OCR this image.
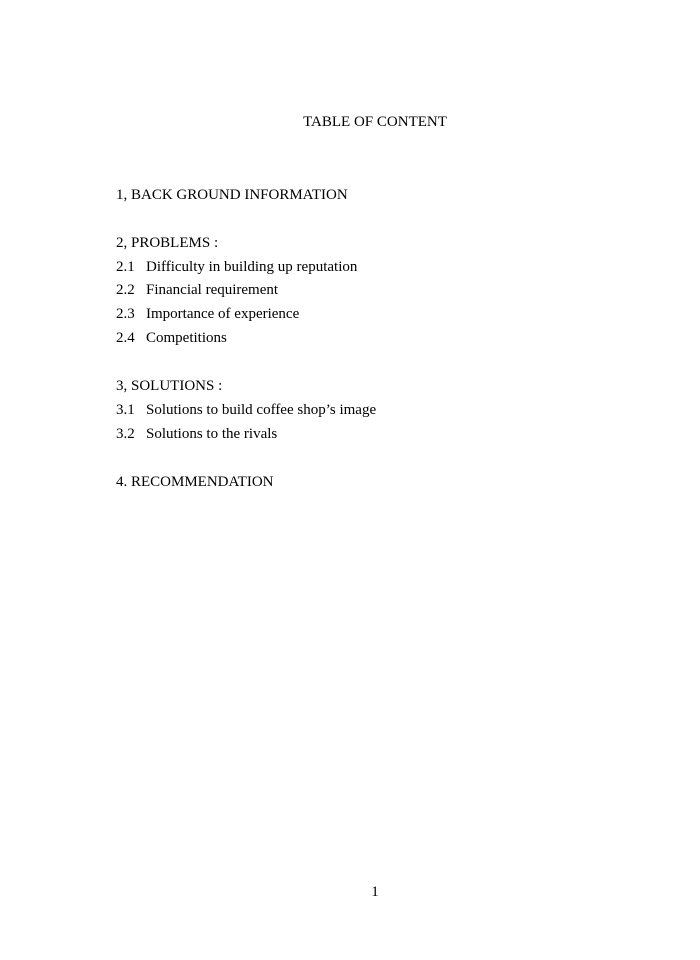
TABLE OF CONTENT
1, BACK GROUND INFORMATION
2, PROBLEMS :
2.1 Difficulty in building up reputation
2.2 Financial requirement
2.3 Importance of experience
2.4 Competitions
3, SOLUTIONS :
3.1 Solutions to build coffee shop’s image
3.2 Solutions to the rivals
4. RECOMMENDATION
1
